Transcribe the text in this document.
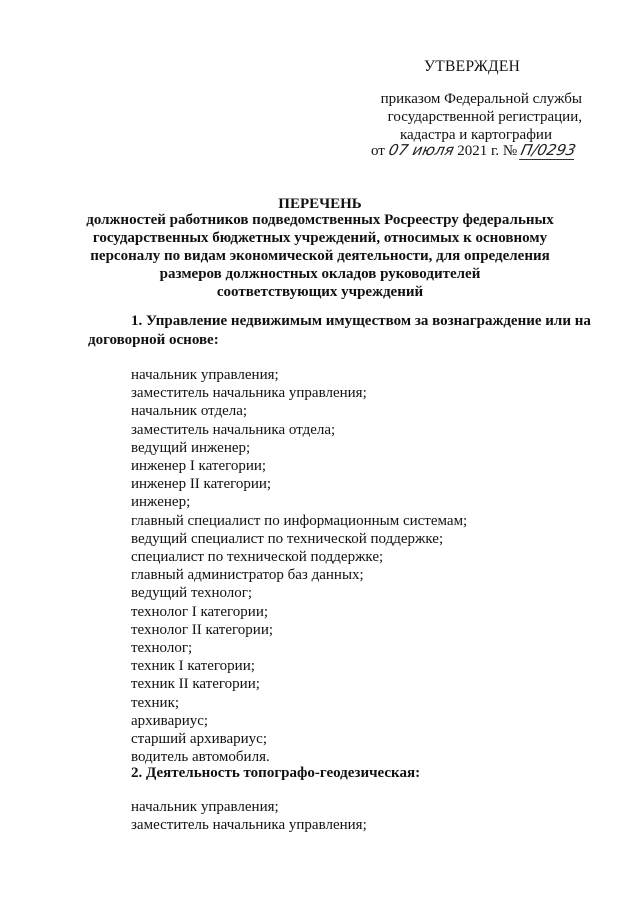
УТВЕРЖДЕН
приказом Федеральной службы
государственной регистрации,
кадастра и картографии
от 07 июля 2021 г. № П/0293
ПЕРЕЧЕНЬ
должностей работников подведомственных Росреестру федеральных
государственных бюджетных учреждений, относимых к основному
персоналу по видам экономической деятельности, для определения
размеров должностных окладов руководителей
соответствующих учреждений
1. Управление недвижимым имуществом за вознаграждение или на
договорной основе:
начальник управления;
заместитель начальника управления;
начальник отдела;
заместитель начальника отдела;
ведущий инженер;
инженер I категории;
инженер II категории;
инженер;
главный специалист по информационным системам;
ведущий специалист по технической поддержке;
специалист по технической поддержке;
главный администратор баз данных;
ведущий технолог;
технолог I категории;
технолог II категории;
технолог;
техник I категории;
техник II категории;
техник;
архивариус;
старший архивариус;
водитель автомобиля.
2. Деятельность топографо-геодезическая:
начальник управления;
заместитель начальника управления;
